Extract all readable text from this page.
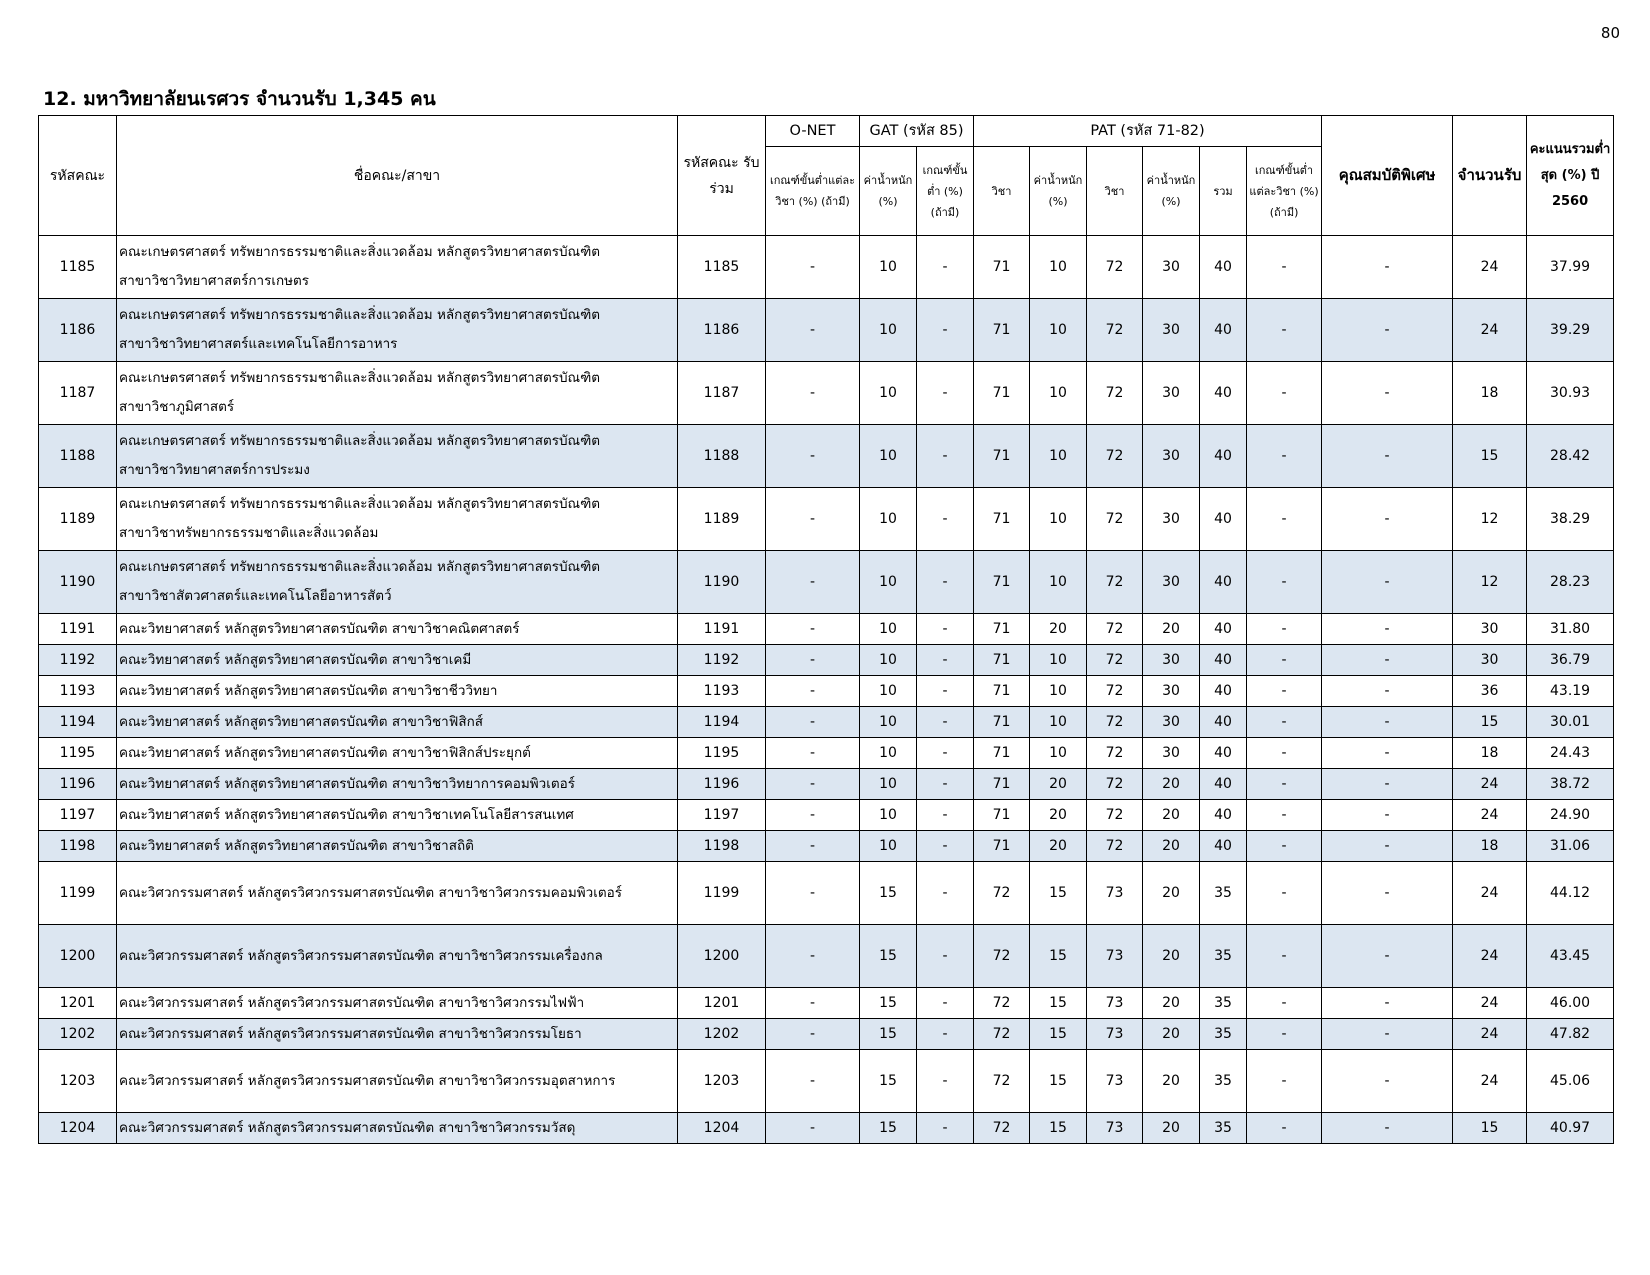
80
12. มหาวิทยาลัยนเรศวร จำนวนรับ 1,345 คน
รหัสคณะ	ชื่อคณะ/สาขา	รหัสคณะ รับร่วม	O-NET	GAT (รหัส 85)		PAT (รหัส 71-82)						คุณสมบัติพิเศษ	จำนวนรับ	คะแนนรวมต่ำสุด (%) ปี 2560
			เกณฑ์ขั้นต่ำแต่ละวิชา (%) (ถ้ามี)	ค่าน้ำหนัก (%)	เกณฑ์ขั้นต่ำ (%) (ถ้ามี)	วิชา	ค่าน้ำหนัก (%)	วิชา	ค่าน้ำหนัก (%)	รวม	เกณฑ์ขั้นต่ำแต่ละวิชา (%) (ถ้ามี)			
1185	คณะเกษตรศาสตร์ ทรัพยากรธรรมชาติและสิ่งแวดล้อม หลักสูตรวิทยาศาสตรบัณฑิต
สาขาวิชาวิทยาศาสตร์การเกษตร	1185	-	10	-	71	10	72	30	40	-	-	24	37.99
1186	คณะเกษตรศาสตร์ ทรัพยากรธรรมชาติและสิ่งแวดล้อม หลักสูตรวิทยาศาสตรบัณฑิต
สาขาวิชาวิทยาศาสตร์และเทคโนโลยีการอาหาร	1186	-	10	-	71	10	72	30	40	-	-	24	39.29
1187	คณะเกษตรศาสตร์ ทรัพยากรธรรมชาติและสิ่งแวดล้อม หลักสูตรวิทยาศาสตรบัณฑิต
สาขาวิชาภูมิศาสตร์	1187	-	10	-	71	10	72	30	40	-	-	18	30.93
1188	คณะเกษตรศาสตร์ ทรัพยากรธรรมชาติและสิ่งแวดล้อม หลักสูตรวิทยาศาสตรบัณฑิต
สาขาวิชาวิทยาศาสตร์การประมง	1188	-	10	-	71	10	72	30	40	-	-	15	28.42
1189	คณะเกษตรศาสตร์ ทรัพยากรธรรมชาติและสิ่งแวดล้อม หลักสูตรวิทยาศาสตรบัณฑิต
สาขาวิชาทรัพยากรธรรมชาติและสิ่งแวดล้อม	1189	-	10	-	71	10	72	30	40	-	-	12	38.29
1190	คณะเกษตรศาสตร์ ทรัพยากรธรรมชาติและสิ่งแวดล้อม หลักสูตรวิทยาศาสตรบัณฑิต
สาขาวิชาสัตวศาสตร์และเทคโนโลยีอาหารสัตว์	1190	-	10	-	71	10	72	30	40	-	-	12	28.23
1191	คณะวิทยาศาสตร์ หลักสูตรวิทยาศาสตรบัณฑิต สาขาวิชาคณิตศาสตร์	1191	-	10	-	71	20	72	20	40	-	-	30	31.80
1192	คณะวิทยาศาสตร์ หลักสูตรวิทยาศาสตรบัณฑิต สาขาวิชาเคมี	1192	-	10	-	71	10	72	30	40	-	-	30	36.79
1193	คณะวิทยาศาสตร์ หลักสูตรวิทยาศาสตรบัณฑิต สาขาวิชาชีววิทยา	1193	-	10	-	71	10	72	30	40	-	-	36	43.19
1194	คณะวิทยาศาสตร์ หลักสูตรวิทยาศาสตรบัณฑิต สาขาวิชาฟิสิกส์	1194	-	10	-	71	10	72	30	40	-	-	15	30.01
1195	คณะวิทยาศาสตร์ หลักสูตรวิทยาศาสตรบัณฑิต สาขาวิชาฟิสิกส์ประยุกต์	1195	-	10	-	71	10	72	30	40	-	-	18	24.43
1196	คณะวิทยาศาสตร์ หลักสูตรวิทยาศาสตรบัณฑิต สาขาวิชาวิทยาการคอมพิวเตอร์	1196	-	10	-	71	20	72	20	40	-	-	24	38.72
1197	คณะวิทยาศาสตร์ หลักสูตรวิทยาศาสตรบัณฑิต สาขาวิชาเทคโนโลยีสารสนเทศ	1197	-	10	-	71	20	72	20	40	-	-	24	24.90
1198	คณะวิทยาศาสตร์ หลักสูตรวิทยาศาสตรบัณฑิต สาขาวิชาสถิติ	1198	-	10	-	71	20	72	20	40	-	-	18	31.06
1199	คณะวิศวกรรมศาสตร์ หลักสูตรวิศวกรรมศาสตรบัณฑิต สาขาวิชาวิศวกรรมคอมพิวเตอร์	1199	-	15	-	72	15	73	20	35	-	-	24	44.12
1200	คณะวิศวกรรมศาสตร์ หลักสูตรวิศวกรรมศาสตรบัณฑิต สาขาวิชาวิศวกรรมเครื่องกล	1200	-	15	-	72	15	73	20	35	-	-	24	43.45
1201	คณะวิศวกรรมศาสตร์ หลักสูตรวิศวกรรมศาสตรบัณฑิต สาขาวิชาวิศวกรรมไฟฟ้า	1201	-	15	-	72	15	73	20	35	-	-	24	46.00
1202	คณะวิศวกรรมศาสตร์ หลักสูตรวิศวกรรมศาสตรบัณฑิต สาขาวิชาวิศวกรรมโยธา	1202	-	15	-	72	15	73	20	35	-	-	24	47.82
1203	คณะวิศวกรรมศาสตร์ หลักสูตรวิศวกรรมศาสตรบัณฑิต สาขาวิชาวิศวกรรมอุตสาหการ	1203	-	15	-	72	15	73	20	35	-	-	24	45.06
1204	คณะวิศวกรรมศาสตร์ หลักสูตรวิศวกรรมศาสตรบัณฑิต สาขาวิชาวิศวกรรมวัสดุ	1204	-	15	-	72	15	73	20	35	-	-	15	40.97
